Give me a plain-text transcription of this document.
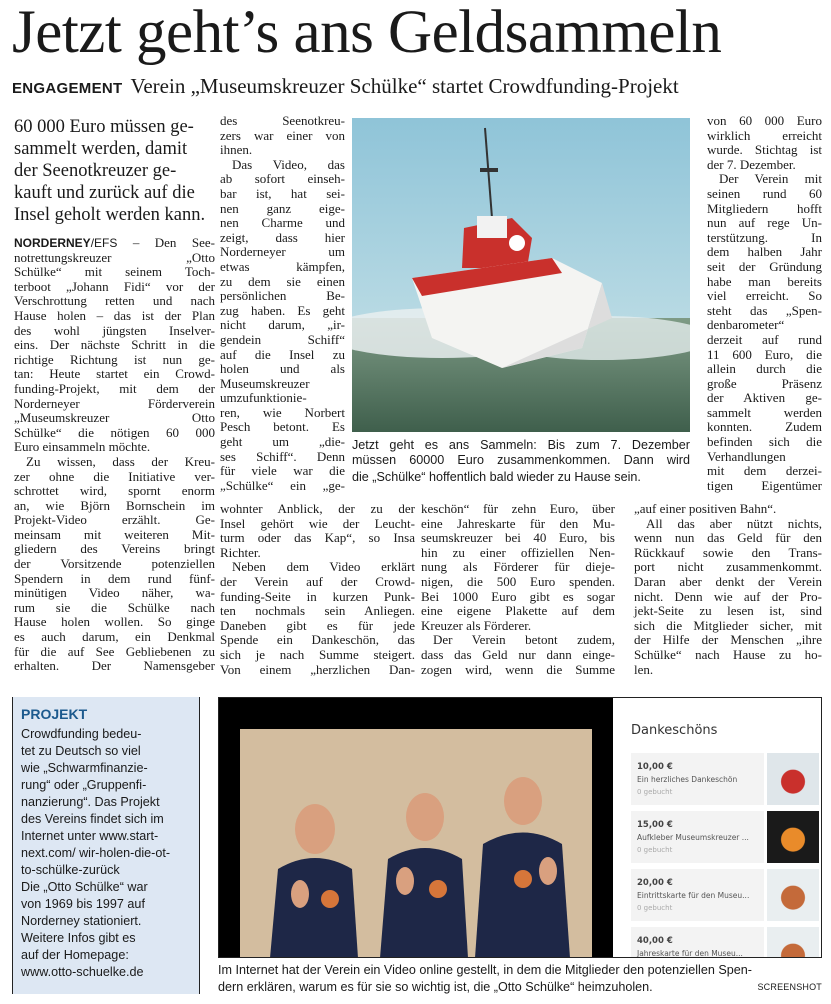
Jetzt geht’s ans Geldsammeln
ENGAGEMENT Verein „Museumskreuzer Schülke“ startet Crowdfunding-Projekt
60 000 Euro müssen ge-
sammelt werden, damit
der Seenotkreuzer ge-
kauft und zurück auf die
Insel geholt werden kann.
NORDERNEY/EFS – Den See-
notrettungskreuzer „Otto
Schülke“ mit seinem Toch-
terboot „Johann Fidi“ vor der
Verschrottung retten und nach
Hause holen – das ist der Plan
des wohl jüngsten Inselver-
eins. Der nächste Schritt in die
richtige Richtung ist nun ge-
tan: Heute startet ein Crowd-
funding-Projekt, mit dem der
Norderneyer Förderverein
„Museumskreuzer Otto
Schülke“ die nötigen 60 000
Euro einsammeln möchte.
Zu wissen, dass der Kreu-
zer ohne die Initiative ver-
schrottet wird, spornt enorm
an, wie Björn Bornschein im
Projekt-Video erzählt. Ge-
meinsam mit weiteren Mit-
gliedern des Vereins bringt
der Vorsitzende potenziellen
Spendern in dem rund fünf-
minütigen Video näher, wa-
rum sie die Schülke nach
Hause holen wollen. So ginge
es auch darum, ein Denkmal
für die auf See Gebliebenen zu
erhalten. Der Namensgeber
des Seenotkreu-
zers war einer von
ihnen.
Das Video, das
ab sofort einseh-
bar ist, hat sei-
nen ganz eige-
nen Charme und
zeigt, dass hier
Norderneyer um
etwas kämpfen,
zu dem sie einen
persönlichen Be-
zug haben. Es geht
nicht darum, „ir-
gendein Schiff“
auf die Insel zu
holen und als
Museumskreuzer
umzufunktionie-
ren, wie Norbert
Pesch betont. Es
geht um „die-
ses Schiff“. Denn
für viele war die
„Schülke“ ein „ge-
wohnter Anblick, der zu der
Insel gehört wie der Leucht-
turm oder das Kap“, so Insa
Richter.
Neben dem Video erklärt
der Verein auf der Crowd-
funding-Seite in kurzen Punk-
ten nochmals sein Anliegen.
Daneben gibt es für jede
Spende ein Dankeschön, das
sich je nach Summe steigert.
Von einem „herzlichen Dan-
keschön“ für zehn Euro, über
eine Jahreskarte für den Mu-
seumskreuzer bei 40 Euro, bis
hin zu einer offiziellen Nen-
nung als Förderer für dieje-
nigen, die 500 Euro spenden.
Bei 1000 Euro gibt es sogar
eine eigene Plakette auf dem
Kreuzer als Förderer.
Der Verein betont zudem,
dass das Geld nur dann einge-
zogen wird, wenn die Summe
von 60 000 Euro
wirklich erreicht
wurde. Stichtag ist
der 7. Dezember.
Der Verein mit
seinen rund 60
Mitgliedern hofft
nun auf rege Un-
terstützung. In
dem halben Jahr
seit der Gründung
habe man bereits
viel erreicht. So
steht das „Spen-
denbarometer“
derzeit auf rund
11 600 Euro, die
allein durch die
große Präsenz
der Aktiven ge-
sammelt werden
konnten. Zudem
befinden sich die
Verhandlungen
mit dem derzei-
tigen Eigentümer
„auf einer positiven Bahn“.
All das aber nützt nichts,
wenn nun das Geld für den
Rückkauf sowie den Trans-
port nicht zusammenkommt.
Daran aber denkt der Verein
nicht. Denn wie auf der Pro-
jekt-Seite zu lesen ist, sind
sich die Mitglieder sicher, mit
der Hilfe der Menschen „ihre
Schülke“ nach Hause zu ho-
len.
Jetzt geht es ans Sammeln: Bis zum 7. Dezember
müssen 60000 Euro zusammenkommen. Dann wird
die „Schülke“ hoffentlich bald wieder zu Hause sein.
PROJEKT
Crowdfunding bedeu-
tet zu Deutsch so viel
wie „Schwarmfinanzie-
rung“ oder „Gruppenfi-
nanzierung“. Das Projekt
des Vereins findet sich im
Internet unter www.start-
next.com/ wir-holen-die-ot-
to-schülke-zurück
Die „Otto Schülke“ war
von 1969 bis 1997 auf
Norderney stationiert.
Weitere Infos gibt es
auf der Homepage:
www.otto-schuelke.de
Dankeschöns
10,00 €
Ein herzliches Dankeschön
0 gebucht
15,00 €
Aufkleber Museumskreuzer ...
0 gebucht
20,00 €
Eintrittskarte für den Museu...
0 gebucht
40,00 €
Jahreskarte für den Museu...
Im Internet hat der Verein ein Video online gestellt, in dem die Mitglieder den potenziellen Spen-
dern erklären, warum es für sie so wichtig ist, die „Otto Schülke“ heimzuholen.	SCREENSHOT
